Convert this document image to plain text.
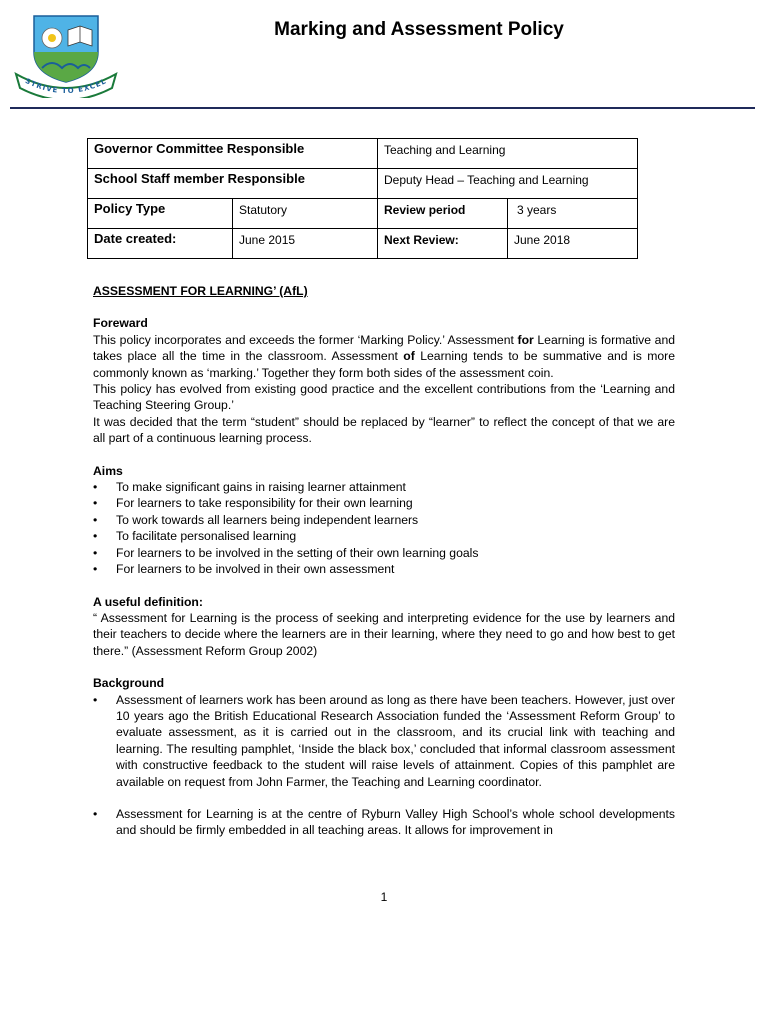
STRIVE TO EXCEL
Marking and Assessment Policy
Governor Committee Responsible		Teaching and Learning	
School Staff member Responsible		Deputy Head – Teaching and Learning	
Policy Type	Statutory	Review period	3 years
Date created:	June 2015	Next Review:	June 2018

ASSESSMENT FOR LEARNING’ (AfL)

Foreward

This policy incorporates and exceeds the former ‘Marking Policy.’ Assessment for Learning is formative and takes place all the time in the classroom. Assessment of Learning tends to be summative and is more commonly known as ‘marking.’ Together they form both sides of the assessment coin.

This policy has evolved from existing good practice and the excellent contributions from the ‘Learning and Teaching Steering Group.’

It was decided that the term “student” should be replaced by “learner” to reflect the concept of that we are all part of a continuous learning process.

Aims

• To make significant gains in raising learner attainment
• For learners to take responsibility for their own learning
• To work towards all learners being independent learners
• To facilitate personalised learning
• For learners to be involved in the setting of their own learning goals
• For learners to be involved in their own assessment

A useful definition:

“ Assessment for Learning is the process of seeking and interpreting evidence for the use by learners and their teachers to decide where the learners are in their learning, where they need to go and how best to get there.” (Assessment Reform Group 2002)

Background

• Assessment of learners work has been around as long as there have been teachers. However, just over 10 years ago the British Educational Research Association funded the ‘Assessment Reform Group’ to evaluate assessment, as it is carried out in the classroom, and its crucial link with teaching and learning. The resulting pamphlet, ‘Inside the black box,’ concluded that informal classroom assessment with constructive feedback to the student will raise levels of attainment. Copies of this pamphlet are available on request from John Farmer, the Teaching and Learning coordinator.
• Assessment for Learning is at the centre of Ryburn Valley High School’s whole school developments and should be firmly embedded in all teaching areas. It allows for improvement in
1
